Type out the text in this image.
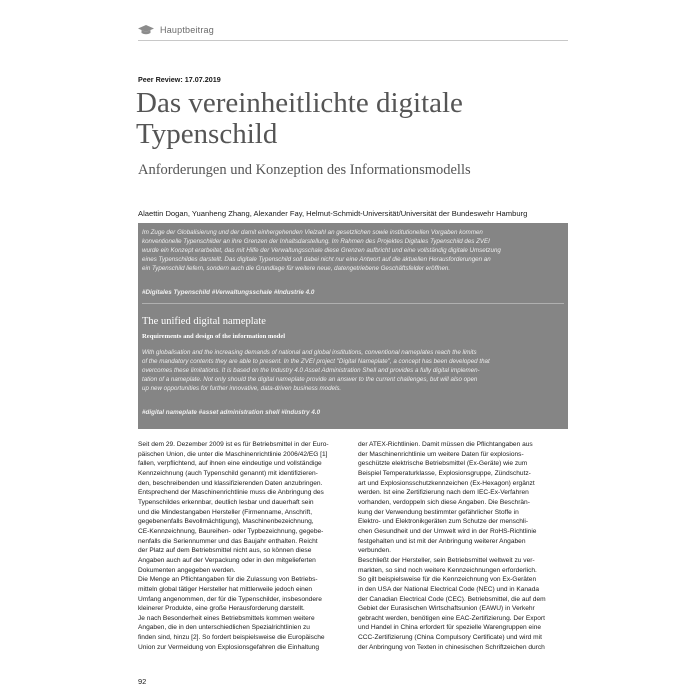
Hauptbeitrag
Peer Review: 17.07.2019
Das vereinheitlichte digitale
Typenschild
Anforderungen und Konzeption des Informationsmodells
Alaettin Dogan, Yuanheng Zhang, Alexander Fay, Helmut-Schmidt-Universität/Universität der Bundeswehr Hamburg
Im Zuge der Globalisierung und der damit einhergehenden Vielzahl an gesetzlichen sowie institutionellen Vorgaben kommen
konventionelle Typenschilder an ihre Grenzen der Inhaltsdarstellung. Im Rahmen des Projektes Digitales Typenschild des ZVEI
wurde ein Konzept erarbeitet, das mit Hilfe der Verwaltungsschale diese Grenzen aufbricht und eine vollständig digitale Umsetzung
eines Typenschildes darstellt. Das digitale Typenschild soll dabei nicht nur eine Antwort auf die aktuellen Herausforderungen an
ein Typenschild liefern, sondern auch die Grundlage für weitere neue, datengetriebene Geschäftsfelder eröffnen.
#Digitales Typenschild #Verwaltungsschale #Industrie 4.0
The unified digital nameplate
Requirements and design of the information model
With globalisation and the increasing demands of national and global institutions, conventional nameplates reach the limits
of the mandatory contents they are able to present. In the ZVEI project "Digital Nameplate", a concept has been developed that
overcomes these limitations. It is based on the Industry 4.0 Asset Administration Shell and provides a fully digital implemen-
tation of a nameplate. Not only should the digital nameplate provide an answer to the current challenges, but will also open
up new opportunities for further innovative, data-driven business models.
#digital nameplate #asset administration shell #Industry 4.0

Seit dem 29. Dezember 2009 ist es für Betriebsmittel in der Euro-

päischen Union, die unter die Maschinenrichtlinie 2006/42/EG [1]

fallen, verpflichtend, auf ihnen eine eindeutige und vollständige

Kennzeichnung (auch Typenschild genannt) mit identifizieren-

den, beschreibenden und klassifizierenden Daten anzubringen.

Entsprechend der Maschinenrichtlinie muss die Anbringung des

Typenschildes erkennbar, deutlich lesbar und dauerhaft sein

und die Mindestangaben Hersteller (Firmenname, Anschrift,

gegebenenfalls Bevollmächtigung), Maschinenbezeichnung,

CE-Kennzeichnung, Baureihen- oder Typbezeichnung, gegebe-

nenfalls die Seriennummer und das Baujahr enthalten. Reicht

der Platz auf dem Betriebsmittel nicht aus, so können diese

Angaben auch auf der Verpackung oder in den mitgelieferten

Dokumenten angegeben werden.

Die Menge an Pflichtangaben für die Zulassung von Betriebs-

mitteln global tätiger Hersteller hat mittlerweile jedoch einen

Umfang angenommen, der für die Typenschilder, insbesondere

kleinerer Produkte, eine große Herausforderung darstellt.

Je nach Besonderheit eines Betriebsmittels kommen weitere

Angaben, die in den unterschiedlichen Spezialrichtlinien zu

finden sind, hinzu [2]. So fordert beispielsweise die Europäische

Union zur Vermeidung von Explosionsgefahren die Einhaltung

der ATEX-Richtlinien. Damit müssen die Pflichtangaben aus

der Maschinenrichtlinie um weitere Daten für explosions-

geschützte elektrische Betriebsmittel (Ex-Geräte) wie zum

Beispiel Temperaturklasse, Explosionsgruppe, Zündschutz-

art und Explosionsschutzkennzeichen (Ex-Hexagon) ergänzt

werden. Ist eine Zertifizierung nach dem IEC-Ex-Verfahren

vorhanden, verdoppeln sich diese Angaben. Die Beschrän-

kung der Verwendung bestimmter gefährlicher Stoffe in

Elektro- und Elektronikgeräten zum Schutze der menschli-

chen Gesundheit und der Umwelt wird in der RoHS-Richtlinie

festgehalten und ist mit der Anbringung weiterer Angaben

verbunden.

Beschließt der Hersteller, sein Betriebsmittel weltweit zu ver-

markten, so sind noch weitere Kennzeichnungen erforderlich.

So gilt beispielsweise für die Kennzeichnung von Ex-Geräten

in den USA der National Electrical Code (NEC) und in Kanada

der Canadian Electrical Code (CEC). Betriebsmittel, die auf dem

Gebiet der Eurasischen Wirtschaftsunion (EAWU) in Verkehr

gebracht werden, benötigen eine EAC-Zertifizierung. Der Export

und Handel in China erfordert für spezielle Warengruppen eine

CCC-Zertifizierung (China Compulsory Certificate) und wird mit

der Anbringung von Texten in chinesischen Schriftzeichen durch

92
